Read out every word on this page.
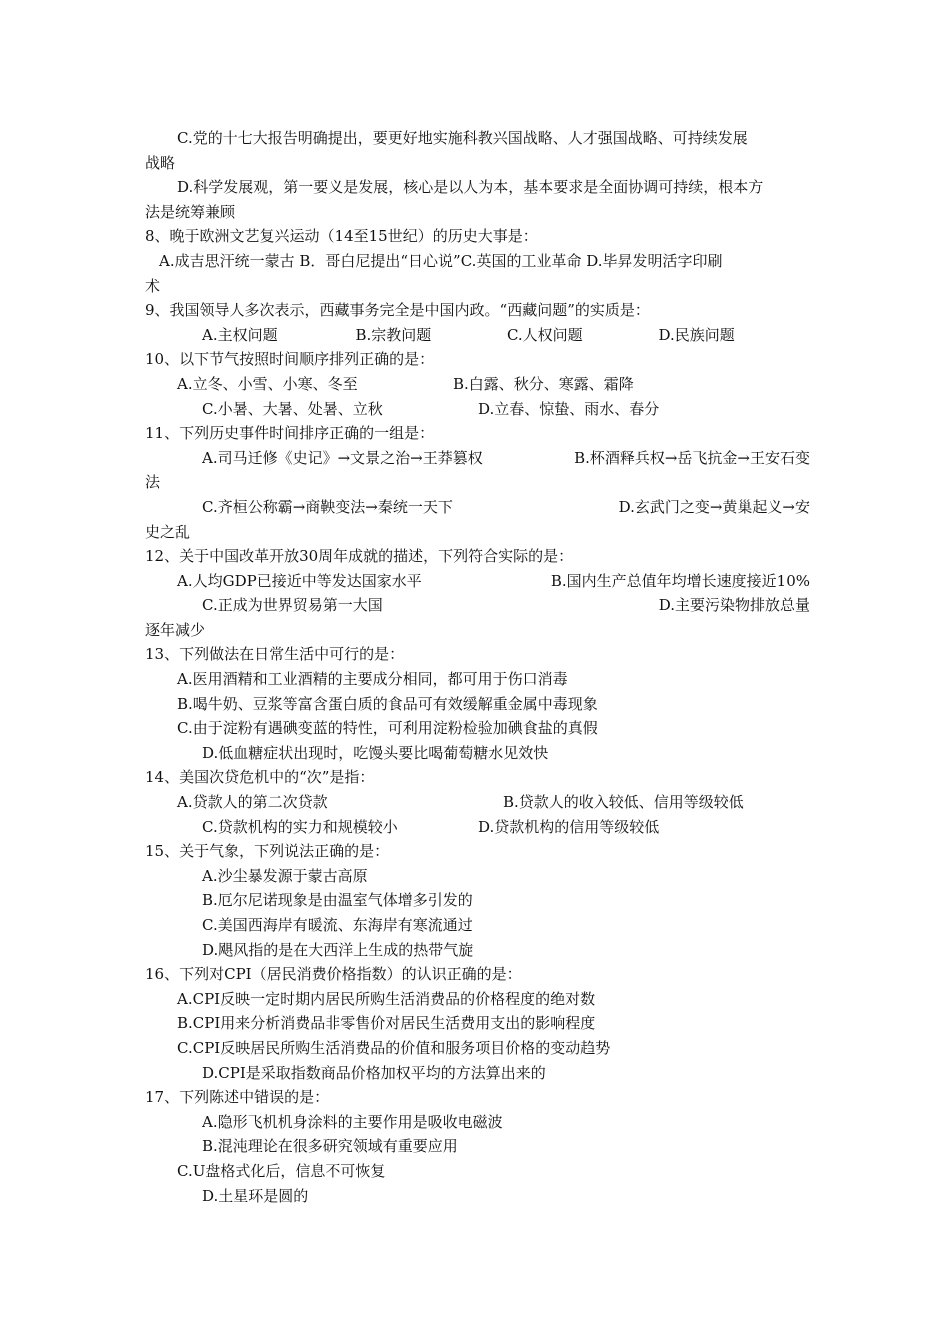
C.党的十七大报告明确提出，要更好地实施科教兴国战略、人才强国战略、可持续发展
战略
D.科学发展观，第一要义是发展，核心是以人为本，基本要求是全面协调可持续，根本方
法是统筹兼顾
8、晚于欧洲文艺复兴运动（14至15世纪）的历史大事是：
A.成吉思汗统一蒙古 B．哥白尼提出“日心说”C.英国的工业革命 D.毕昇发明活字印刷
术
9、我国领导人多次表示，西藏事务完全是中国内政。“西藏问题”的实质是：
A.主权问题	B.宗教问题	C.人权问题	D.民族问题
10、以下节气按照时间顺序排列正确的是：
A.立冬、小雪、小寒、冬至	B.白露、秋分、寒露、霜降
C.小暑、大暑、处暑、立秋	D.立春、惊蛰、雨水、春分
11、下列历史事件时间排序正确的一组是：
A.司马迁修《史记》→文景之治→王莽篡权	B.杯酒释兵权→岳飞抗金→王安石变
法
C.齐桓公称霸→商鞅变法→秦统一天下	D.玄武门之变→黄巢起义→安
史之乱
12、关于中国改革开放30周年成就的描述，下列符合实际的是：
A.人均GDP已接近中等发达国家水平	B.国内生产总值年均增长速度接近10%
C.正成为世界贸易第一大国	D.主要污染物排放总量
逐年减少
13、下列做法在日常生活中可行的是：
A.医用酒精和工业酒精的主要成分相同，都可用于伤口消毒
B.喝牛奶、豆浆等富含蛋白质的食品可有效缓解重金属中毒现象
C.由于淀粉有遇碘变蓝的特性，可利用淀粉检验加碘食盐的真假
D.低血糖症状出现时，吃馒头要比喝葡萄糖水见效快
14、美国次贷危机中的“次”是指：
A.贷款人的第二次贷款	B.贷款人的收入较低、信用等级较低
C.贷款机构的实力和规模较小	D.贷款机构的信用等级较低
15、关于气象，下列说法正确的是：
A.沙尘暴发源于蒙古高原
B.厄尔尼诺现象是由温室气体增多引发的
C.美国西海岸有暖流、东海岸有寒流通过
D.飓风指的是在大西洋上生成的热带气旋
16、下列对CPI（居民消费价格指数）的认识正确的是：
A.CPI反映一定时期内居民所购生活消费品的价格程度的绝对数
B.CPI用来分析消费品非零售价对居民生活费用支出的影响程度
C.CPI反映居民所购生活消费品的价值和服务项目价格的变动趋势
D.CPI是采取指数商品价格加权平均的方法算出来的
17、下列陈述中错误的是：
A.隐形飞机机身涂料的主要作用是吸收电磁波
B.混沌理论在很多研究领域有重要应用
C.U盘格式化后，信息不可恢复
D.土星环是圆的
